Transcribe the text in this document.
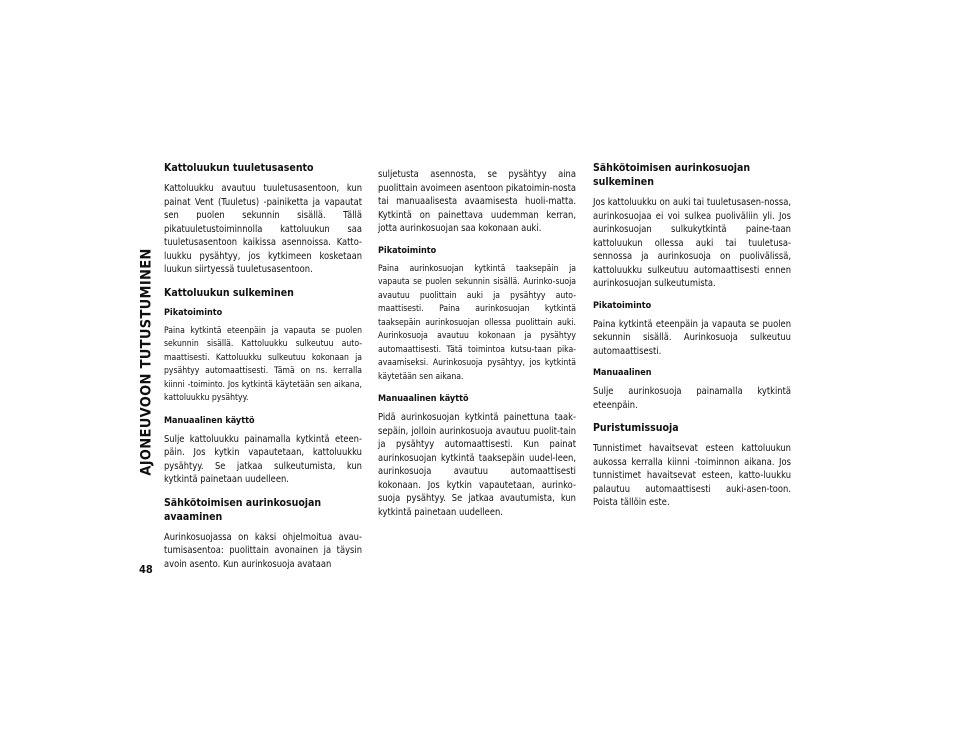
AJONEUVOON TUTUSTUMINEN
48
Kattoluukun tuuletusasento
Kattoluukku avautuu tuuletusasentoon, kun painat Vent (Tuuletus) -painiketta ja vapautat sen puolen sekunnin sisällä. Tällä pikatuuletustoiminnolla kattoluukun saa tuuletusasentoon kaikissa asennoissa. Katto-luukku pysähtyy, jos kytkimeen kosketaan luukun siirtyessä tuuletusasentoon.
Kattoluukun sulkeminen
Pikatoiminto
Paina kytkintä eteenpäin ja vapauta se puolen sekunnin sisällä. Kattoluukku sulkeutuu auto-maattisesti. Kattoluukku sulkeutuu kokonaan ja pysähtyy automaattisesti. Tämä on ns. kerralla kiinni -toiminto. Jos kytkintä käytetään sen aikana, kattoluukku pysähtyy.
Manuaalinen käyttö
Sulje kattoluukku painamalla kytkintä eteen-päin. Jos kytkin vapautetaan, kattoluukku pysähtyy. Se jatkaa sulkeutumista, kun kytkintä painetaan uudelleen.
Sähkötoimisen aurinkosuojan avaaminen
Aurinkosuojassa on kaksi ohjelmoitua avau-tumisasentoa: puolittain avonainen ja täysin avoin asento. Kun aurinkosuoja avataan
suljetusta asennosta, se pysähtyy aina puolittain avoimeen asentoon pikatoimin-nosta tai manuaalisesta avaamisesta huoli-matta. Kytkintä on painettava uudemman kerran, jotta aurinkosuojan saa kokonaan auki.
Pikatoiminto
Paina aurinkosuojan kytkintä taaksepäin ja vapauta se puolen sekunnin sisällä. Aurinko-suoja avautuu puolittain auki ja pysähtyy auto-maattisesti. Paina aurinkosuojan kytkintä taaksepäin aurinkosuojan ollessa puolittain auki. Aurinkosuoja avautuu kokonaan ja pysähtyy automaattisesti. Tätä toimintoa kutsu-taan pika-avaamiseksi. Aurinkosuoja pysähtyy, jos kytkintä käytetään sen aikana.
Manuaalinen käyttö
Pidä aurinkosuojan kytkintä painettuna taak-sepäin, jolloin aurinkosuoja avautuu puolit-tain ja pysähtyy automaattisesti. Kun painat aurinkosuojan kytkintä taaksepäin uudel-leen, aurinkosuoja avautuu automaattisesti kokonaan. Jos kytkin vapautetaan, aurinko-suoja pysähtyy. Se jatkaa avautumista, kun kytkintä painetaan uudelleen.
Sähkötoimisen aurinkosuojan sulkeminen
Jos kattoluukku on auki tai tuuletusasen-nossa, aurinkosuojaa ei voi sulkea puoliväliin yli. Jos aurinkosuojan sulkukytkintä paine-taan kattoluukun ollessa auki tai tuuletusa-sennossa ja aurinkosuoja on puolivälissä, kattoluukku sulkeutuu automaattisesti ennen aurinkosuojan sulkeutumista.
Pikatoiminto
Paina kytkintä eteenpäin ja vapauta se puolen sekunnin sisällä. Aurinkosuoja sulkeutuu automaattisesti.
Manuaalinen
Sulje aurinkosuoja painamalla kytkintä eteenpäin.
Puristumissuoja
Tunnistimet havaitsevat esteen kattoluukun aukossa kerralla kiinni -toiminnon aikana. Jos tunnistimet havaitsevat esteen, katto-luukku palautuu automaattisesti auki-asen-toon. Poista tällöin este.
